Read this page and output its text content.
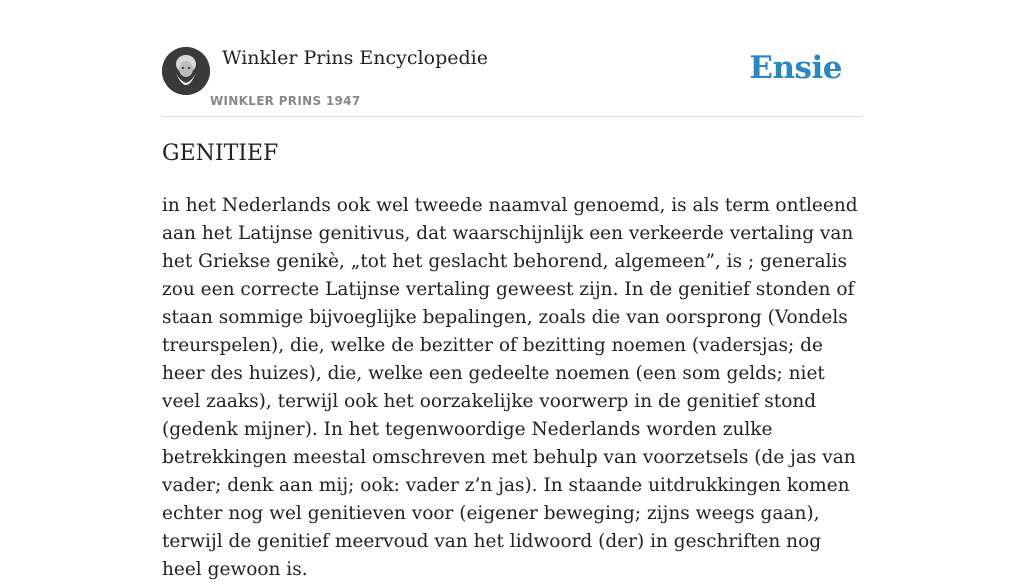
Winkler Prins Encyclopedie
WINKLER PRINS 1947
Ensie
GENITIEF

in het Nederlands ook wel tweede naamval genoemd, is als term ontleend aan het Latijnse genitivus, dat waarschijnlijk een verkeerde vertaling van het Griekse genikè, „tot het geslacht behorend, algemeen”, is ; generalis zou een correcte Latijnse vertaling geweest zijn. In de genitief stonden of staan sommige bijvoeglijke bepalingen, zoals die van oorsprong (Vondels treurspelen), die, welke de bezitter of bezitting noemen (vadersjas; de heer des huizes), die, welke een gedeelte noemen (een som gelds; niet veel zaaks), terwijl ook het oorzakelijke voorwerp in de genitief stond (gedenk mijner). In het tegenwoordige Nederlands worden zulke betrekkingen meestal omschreven met behulp van voorzetsels (de jas van vader; denk aan mij; ook: vader z’n jas). In staande uitdrukkingen komen echter nog wel genitieven voor (eigener beweging; zijns weegs gaan), terwijl de genitief meervoud van het lidwoord (der) in geschriften nog heel gewoon is.
